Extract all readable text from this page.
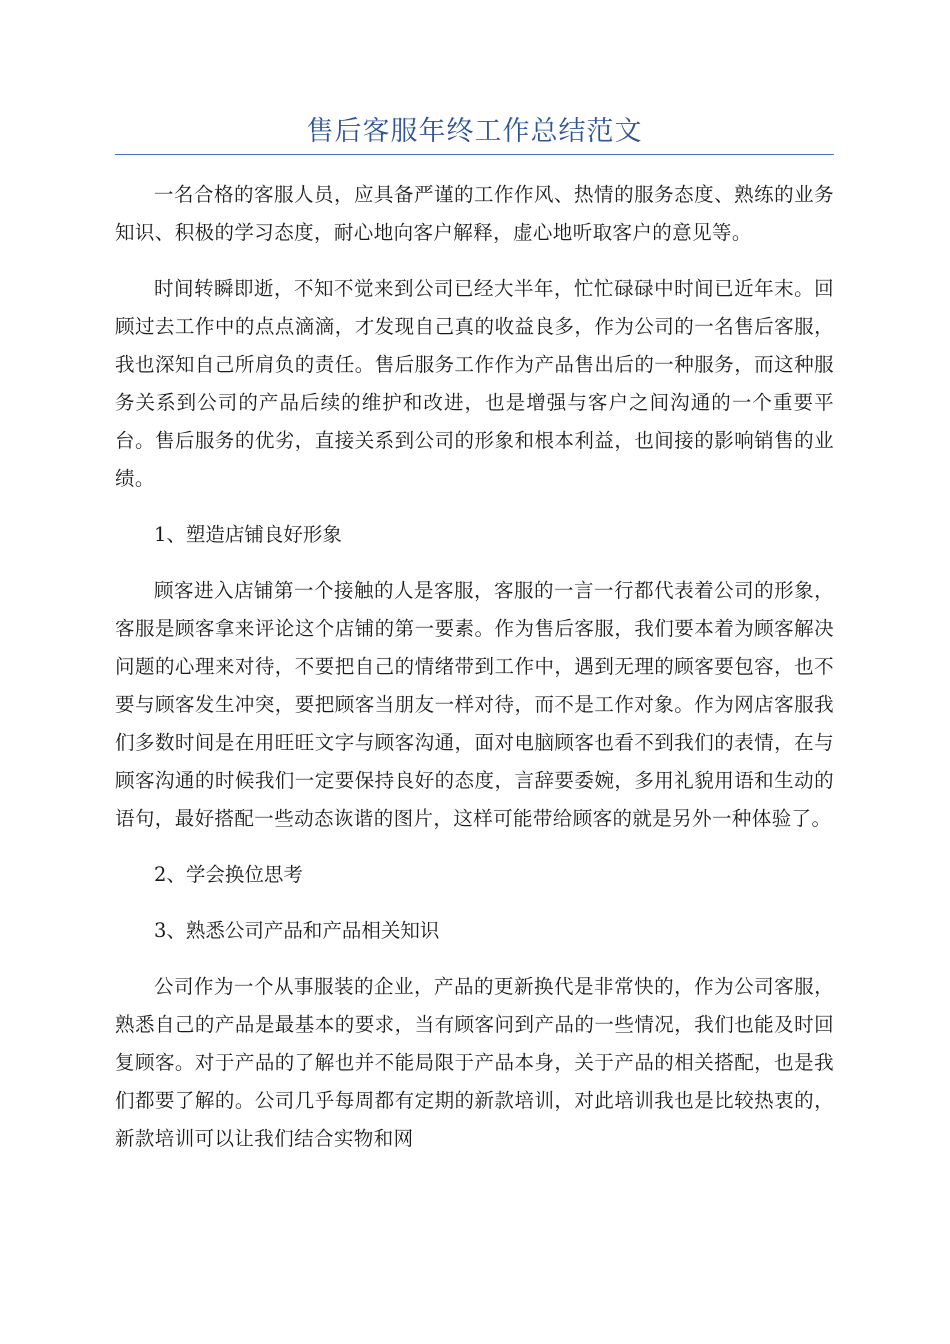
售后客服年终工作总结范文

一名合格的客服人员，应具备严谨的工作作风、热情的服务态度、熟练的业务知识、积极的学习态度，耐心地向客户解释，虚心地听取客户的意见等。

时间转瞬即逝，不知不觉来到公司已经大半年，忙忙碌碌中时间已近年末。回顾过去工作中的点点滴滴，才发现自己真的收益良多，作为公司的一名售后客服，我也深知自己所肩负的责任。售后服务工作作为产品售出后的一种服务，而这种服务关系到公司的产品后续的维护和改进，也是增强与客户之间沟通的一个重要平台。售后服务的优劣，直接关系到公司的形象和根本利益，也间接的影响销售的业绩。

1、塑造店铺良好形象

顾客进入店铺第一个接触的人是客服，客服的一言一行都代表着公司的形象，客服是顾客拿来评论这个店铺的第一要素。作为售后客服，我们要本着为顾客解决问题的心理来对待，不要把自己的情绪带到工作中，遇到无理的顾客要包容，也不要与顾客发生冲突，要把顾客当朋友一样对待，而不是工作对象。作为网店客服我们多数时间是在用旺旺文字与顾客沟通，面对电脑顾客也看不到我们的表情，在与顾客沟通的时候我们一定要保持良好的态度，言辞要委婉，多用礼貌用语和生动的语句，最好搭配一些动态诙谐的图片，这样可能带给顾客的就是另外一种体验了。

2、学会换位思考

3、熟悉公司产品和产品相关知识

公司作为一个从事服装的企业，产品的更新换代是非常快的，作为公司客服，熟悉自己的产品是最基本的要求，当有顾客问到产品的一些情况，我们也能及时回复顾客。对于产品的了解也并不能局限于产品本身，关于产品的相关搭配，也是我们都要了解的。公司几乎每周都有定期的新款培训，对此培训我也是比较热衷的，新款培训可以让我们结合实物和网
